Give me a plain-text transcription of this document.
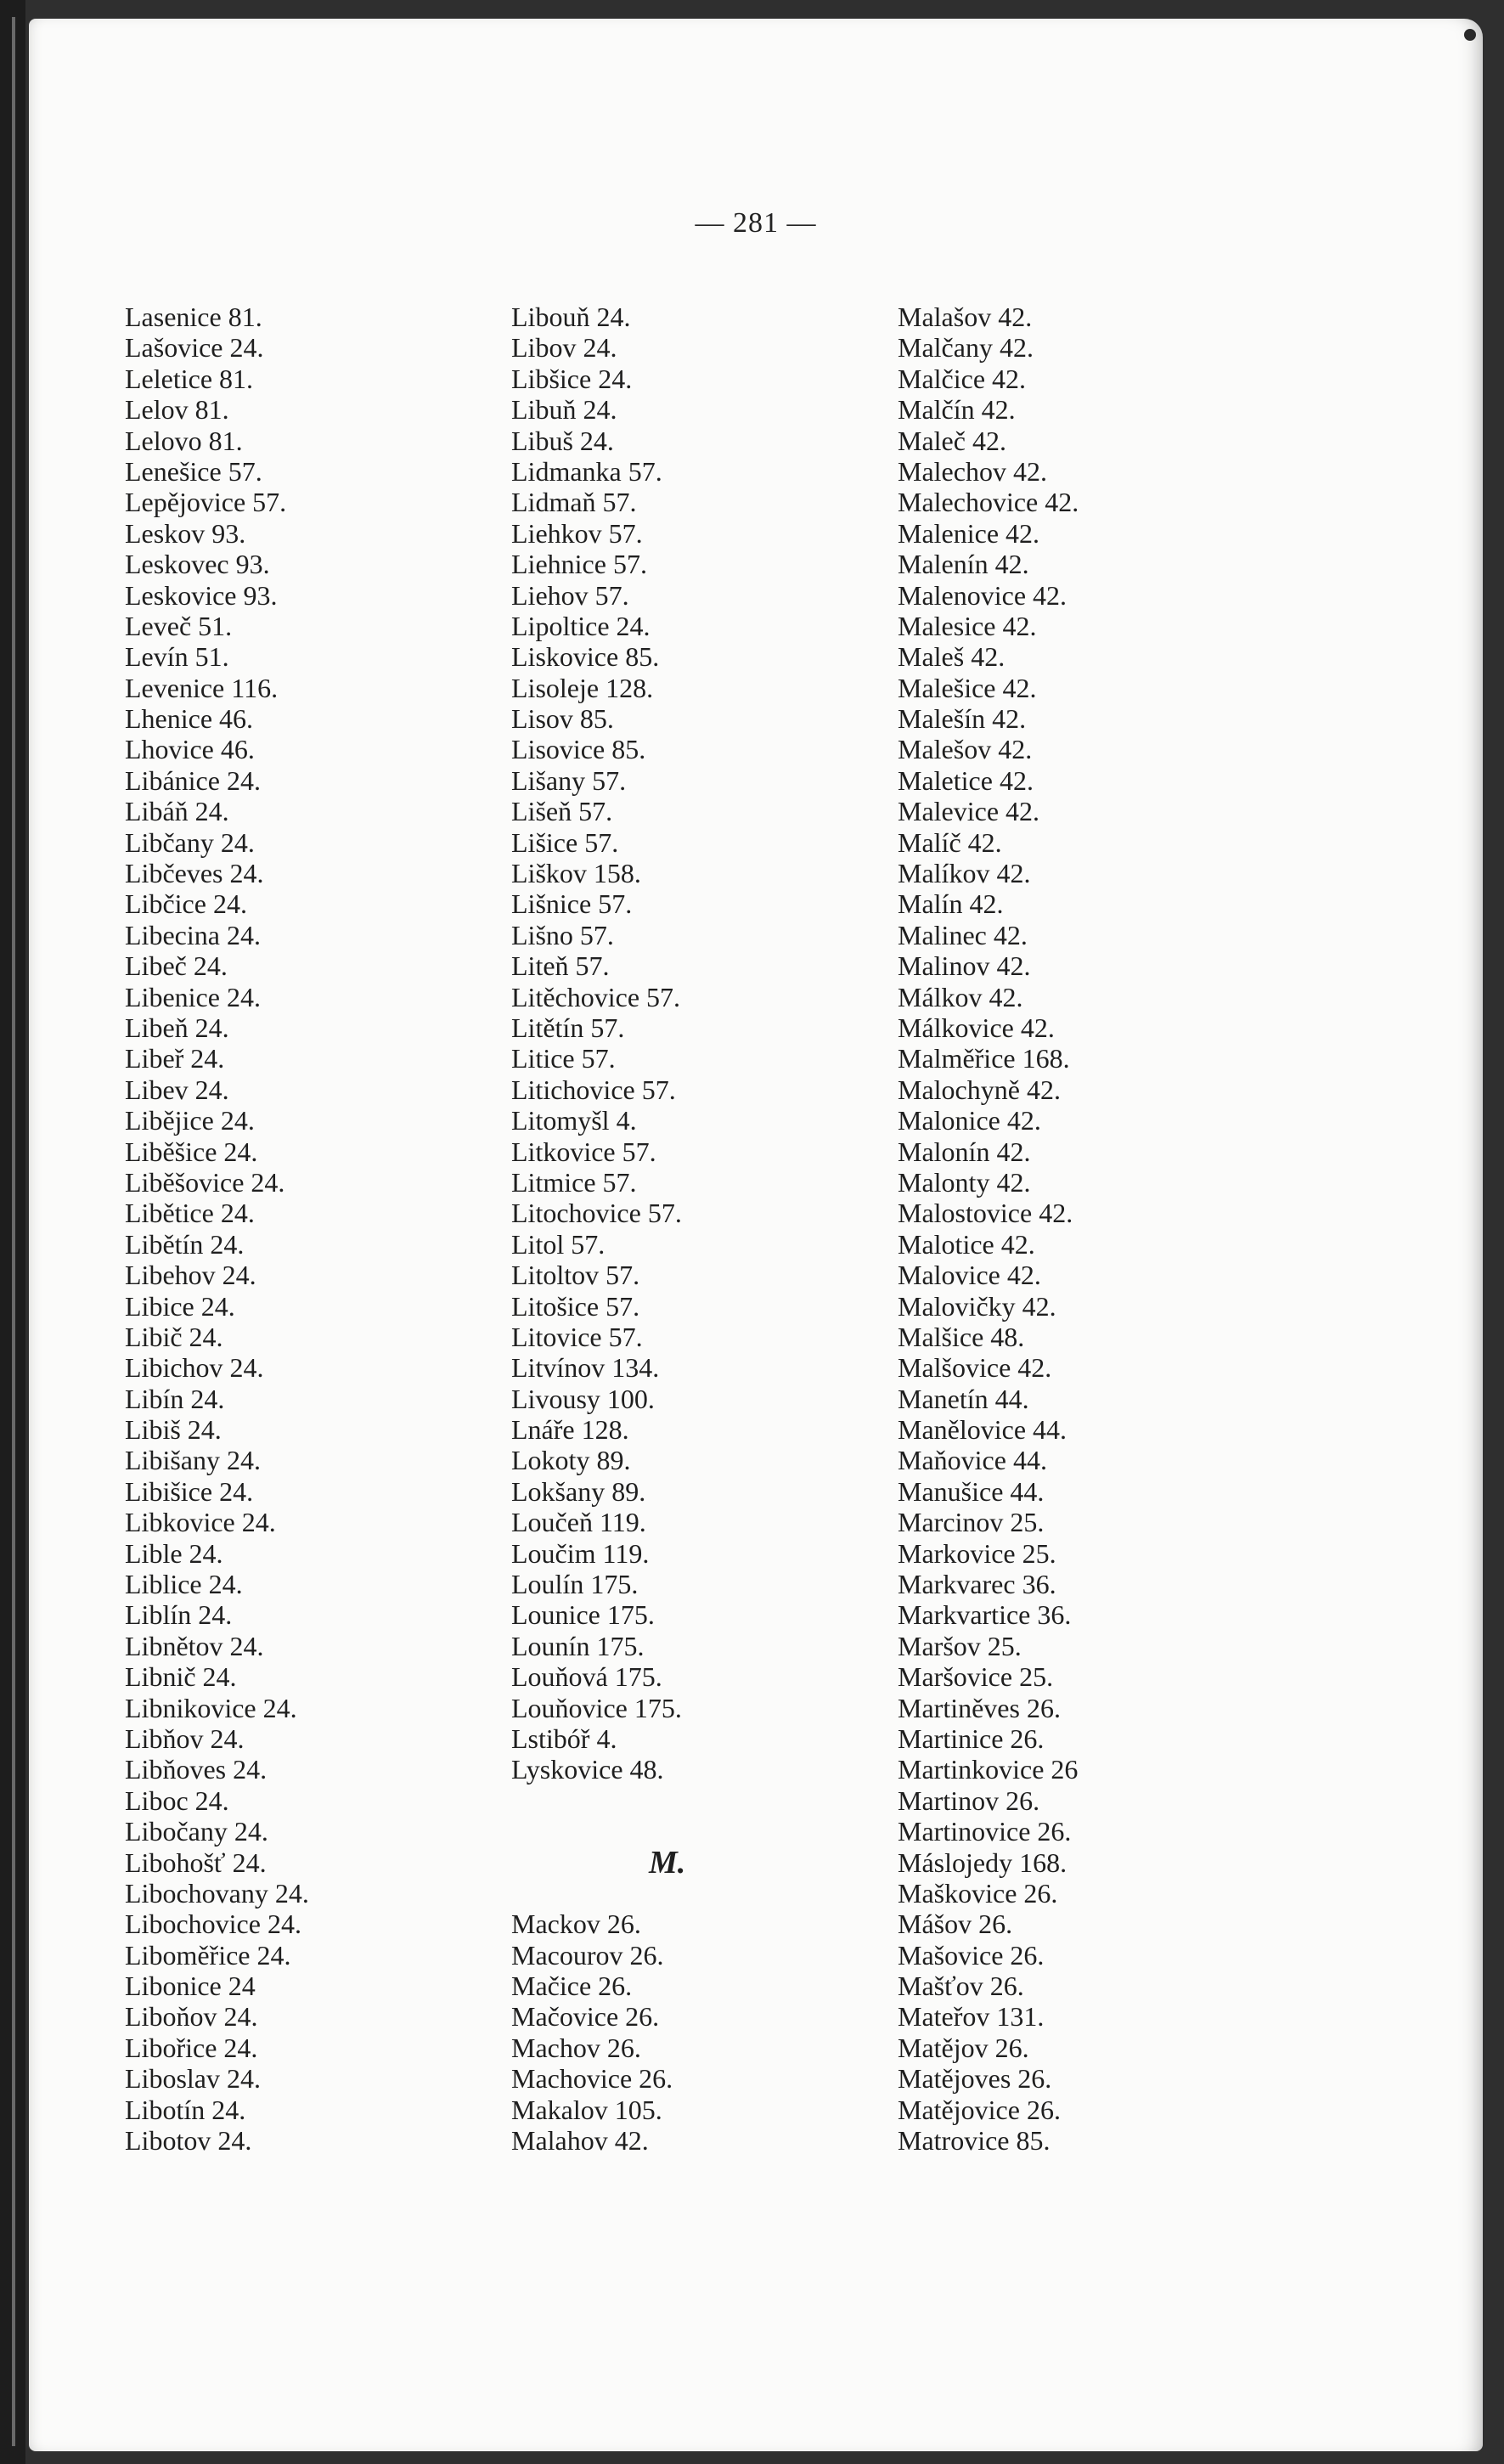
— 281 —
Lasenice 81.
Lašovice 24.
Leletice 81.
Lelov 81.
Lelovo 81.
Lenešice 57.
Lepějovice 57.
Leskov 93.
Leskovec 93.
Leskovice 93.
Leveč 51.
Levín 51.
Levenice 116.
Lhenice 46.
Lhovice 46.
Libánice 24.
Libáň 24.
Libčany 24.
Libčeves 24.
Libčice 24.
Libecina 24.
Libeč 24.
Libenice 24.
Libeň 24.
Libeř 24.
Libev 24.
Libějice 24.
Liběšice 24.
Liběšovice 24.
Libětice 24.
Libětín 24.
Libehov 24.
Libice 24.
Libič 24.
Libichov 24.
Libín 24.
Libiš 24.
Libišany 24.
Libišice 24.
Libkovice 24.
Lible 24.
Liblice 24.
Liblín 24.
Libnětov 24.
Libnič 24.
Libnikovice 24.
Libňov 24.
Libňoves 24.
Liboc 24.
Libočany 24.
Libohošť 24.
Libochovany 24.
Libochovice 24.
Liboměřice 24.
Libonice 24
Liboňov 24.
Libořice 24.
Liboslav 24.
Libotín 24.
Libotov 24.
Libouň 24.
Libov 24.
Libšice 24.
Libuň 24.
Libuš 24.
Lidmanka 57.
Lidmaň 57.
Liehkov 57.
Liehnice 57.
Liehov 57.
Lipoltice 24.
Liskovice 85.
Lisoleje 128.
Lisov 85.
Lisovice 85.
Lišany 57.
Lišeň 57.
Lišice 57.
Liškov 158.
Lišnice 57.
Lišno 57.
Liteň 57.
Litěchovice 57.
Litětín 57.
Litice 57.
Litichovice 57.
Litomyšl 4.
Litkovice 57.
Litmice 57.
Litochovice 57.
Litol 57.
Litoltov 57.
Litošice 57.
Litovice 57.
Litvínov 134.
Livousy 100.
Lnáře 128.
Lokoty 89.
Lokšany 89.
Loučeň 119.
Loučim 119.
Loulín 175.
Lounice 175.
Lounín 175.
Louňová 175.
Louňovice 175.
Lstibóř 4.
Lyskovice 48.
M.
Mackov 26.
Macourov 26.
Mačice 26.
Mačovice 26.
Machov 26.
Machovice 26.
Makalov 105.
Malahov 42.
Malašov 42.
Malčany 42.
Malčice 42.
Malčín 42.
Maleč 42.
Malechov 42.
Malechovice 42.
Malenice 42.
Malenín 42.
Malenovice 42.
Malesice 42.
Maleš 42.
Malešice 42.
Malešín 42.
Malešov 42.
Maletice 42.
Malevice 42.
Malíč 42.
Malíkov 42.
Malín 42.
Malinec 42.
Malinov 42.
Málkov 42.
Málkovice 42.
Malměřice 168.
Malochyně 42.
Malonice 42.
Malonín 42.
Malonty 42.
Malostovice 42.
Malotice 42.
Malovice 42.
Malovičky 42.
Malšice 48.
Malšovice 42.
Manetín 44.
Manělovice 44.
Maňovice 44.
Manušice 44.
Marcinov 25.
Markovice 25.
Markvarec 36.
Markvartice 36.
Maršov 25.
Maršovice 25.
Martiněves 26.
Martinice 26.
Martinkovice 26
Martinov 26.
Martinovice 26.
Máslojedy 168.
Maškovice 26.
Mášov 26.
Mašovice 26.
Mašťov 26.
Mateřov 131.
Matějov 26.
Matějoves 26.
Matějovice 26.
Matrovice 85.
